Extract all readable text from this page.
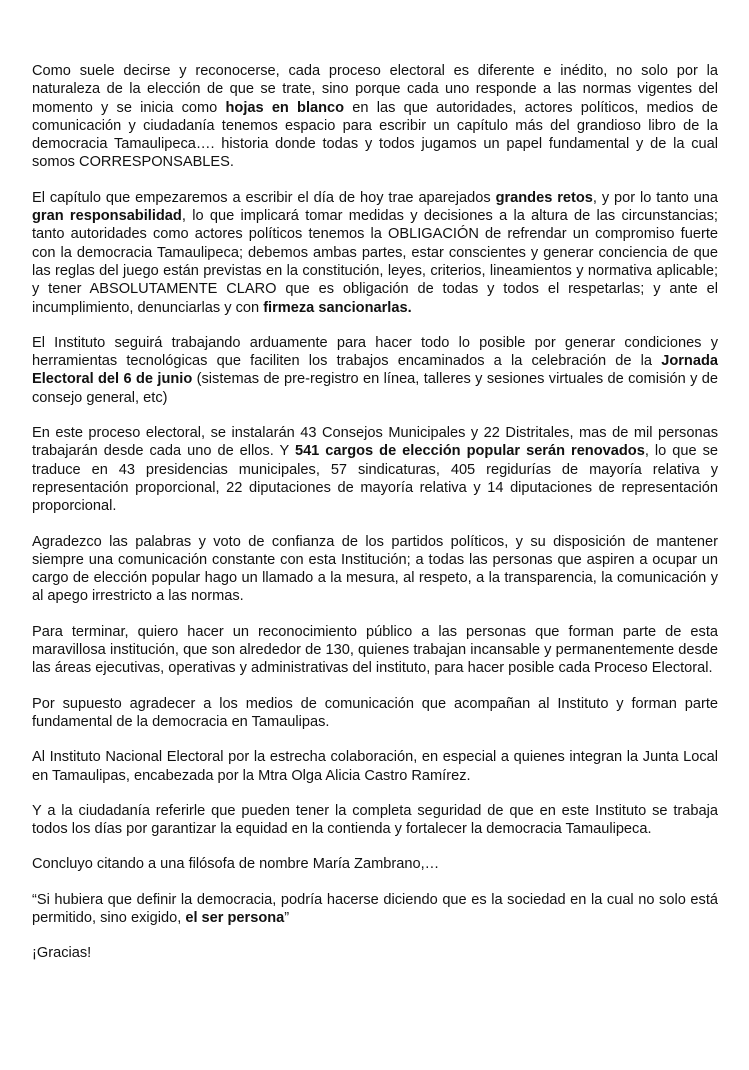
Como suele decirse y reconocerse, cada proceso electoral es diferente e inédito, no solo por la naturaleza de la elección de que se trate, sino porque cada uno responde a las normas vigentes del momento y se inicia como hojas en blanco en las que autoridades, actores políticos, medios de comunicación y ciudadanía tenemos espacio para escribir un capítulo más del grandioso libro de la democracia Tamaulipeca…. historia donde todas y todos jugamos un papel fundamental y de la cual somos CORRESPONSABLES.

El capítulo que empezaremos a escribir el día de hoy trae aparejados grandes retos, y por lo tanto una gran responsabilidad, lo que implicará tomar medidas y decisiones a la altura de las circunstancias; tanto autoridades como actores políticos tenemos la OBLIGACIÓN de refrendar un compromiso fuerte con la democracia Tamaulipeca; debemos ambas partes, estar conscientes y generar conciencia de que las reglas del juego están previstas en la constitución, leyes, criterios, lineamientos y normativa aplicable; y tener ABSOLUTAMENTE CLARO que es obligación de todas y todos el respetarlas; y ante el incumplimiento, denunciarlas y con firmeza sancionarlas.

El Instituto seguirá trabajando arduamente para hacer todo lo posible por generar condiciones y herramientas tecnológicas que faciliten los trabajos encaminados a la celebración de la Jornada Electoral del 6 de junio (sistemas de pre-registro en línea, talleres y sesiones virtuales de comisión y de consejo general, etc)

En este proceso electoral, se instalarán 43 Consejos Municipales y 22 Distritales, mas de mil personas trabajarán desde cada uno de ellos. Y 541 cargos de elección popular serán renovados, lo que se traduce en 43 presidencias municipales, 57 sindicaturas, 405 regidurías de mayoría relativa y representación proporcional, 22 diputaciones de mayoría relativa y 14 diputaciones de representación proporcional.

Agradezco las palabras y voto de confianza de los partidos políticos, y su disposición de mantener siempre una comunicación constante con esta Institución; a todas las personas que aspiren a ocupar un cargo de elección popular hago un llamado a la mesura, al respeto, a la transparencia, la comunicación y al apego irrestricto a las normas.

Para terminar, quiero hacer un reconocimiento público a las personas que forman parte de esta maravillosa institución, que son alrededor de 130, quienes trabajan incansable y permanentemente desde las áreas ejecutivas, operativas y administrativas del instituto, para hacer posible cada Proceso Electoral.

Por supuesto agradecer a los medios de comunicación que acompañan al Instituto y forman parte fundamental de la democracia en Tamaulipas.

Al Instituto Nacional Electoral por la estrecha colaboración, en especial a quienes integran la Junta Local en Tamaulipas, encabezada por la Mtra Olga Alicia Castro Ramírez.

Y a la ciudadanía referirle que pueden tener la completa seguridad de que en este Instituto se trabaja todos los días por garantizar la equidad en la contienda y fortalecer la democracia Tamaulipeca.

Concluyo citando a una filósofa de nombre María Zambrano,…

“Si hubiera que definir la democracia, podría hacerse diciendo que es la sociedad en la cual no solo está permitido, sino exigido, el ser persona”

¡Gracias!
